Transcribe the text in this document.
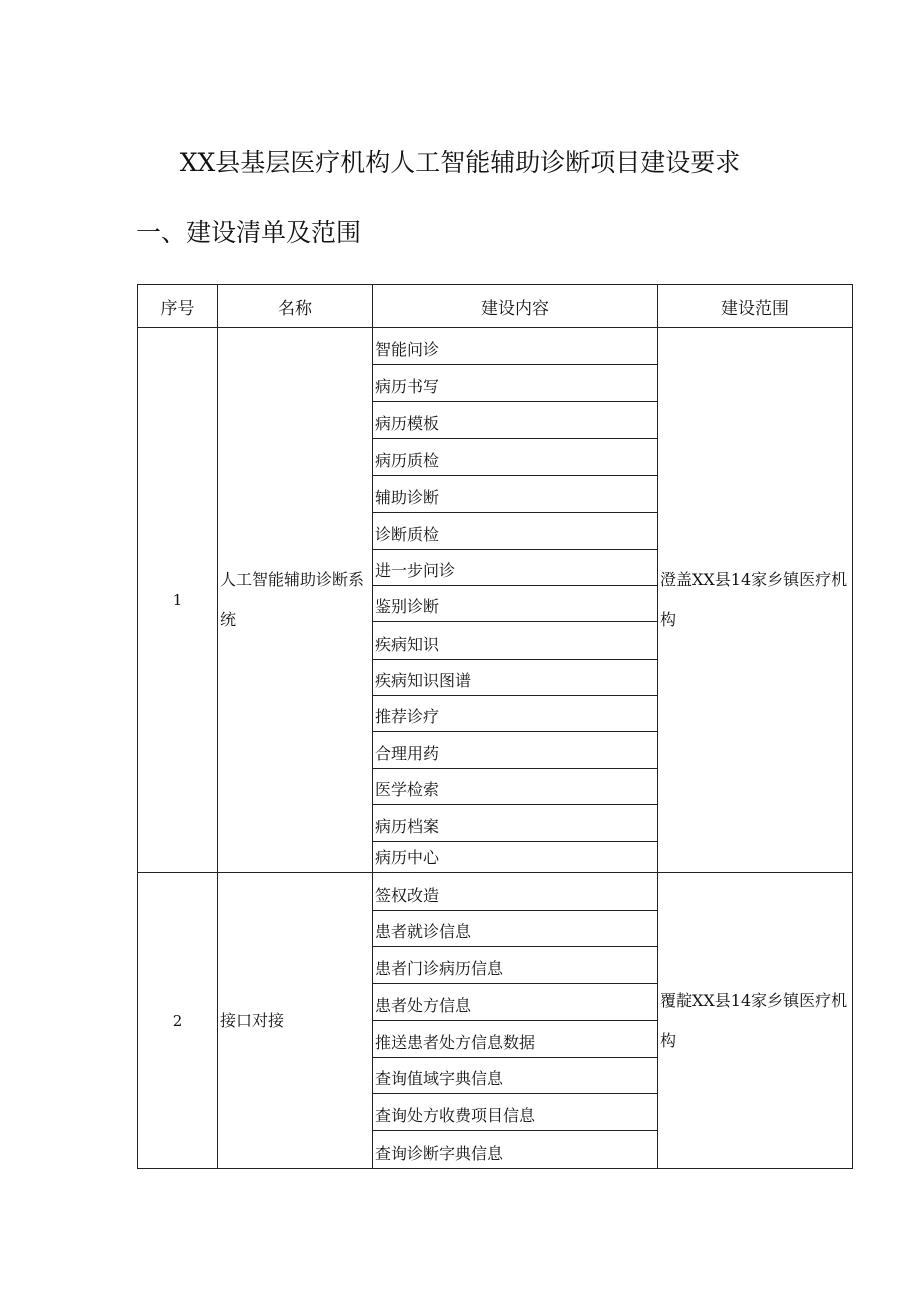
XX县基层医疗机构人工智能辅助诊断项目建设要求
一、建设清单及范围
序号	名称	建设内容	建设范围
1	人工智能辅助诊断系统	智能问诊	澄盖XX县14家乡镇医疗机构
		病历书写	
		病历模板	
		病历质检	
		辅助诊断	
		诊断质检	
		进一步问诊	
		鉴别诊断	
		疾病知识	
		疾病知识图谱	
		推荐诊疗	
		合理用药	
		医学检索	
		病历档案	
		病历中心	
2	接口对接	签权改造	覆靛XX县14家乡镇医疗机构
		患者就诊信息	
		患者门诊病历信息	
		患者处方信息	
		推送患者处方信息数据	
		查询值域字典信息	
		查询处方收费项目信息	
		查询诊断字典信息	
